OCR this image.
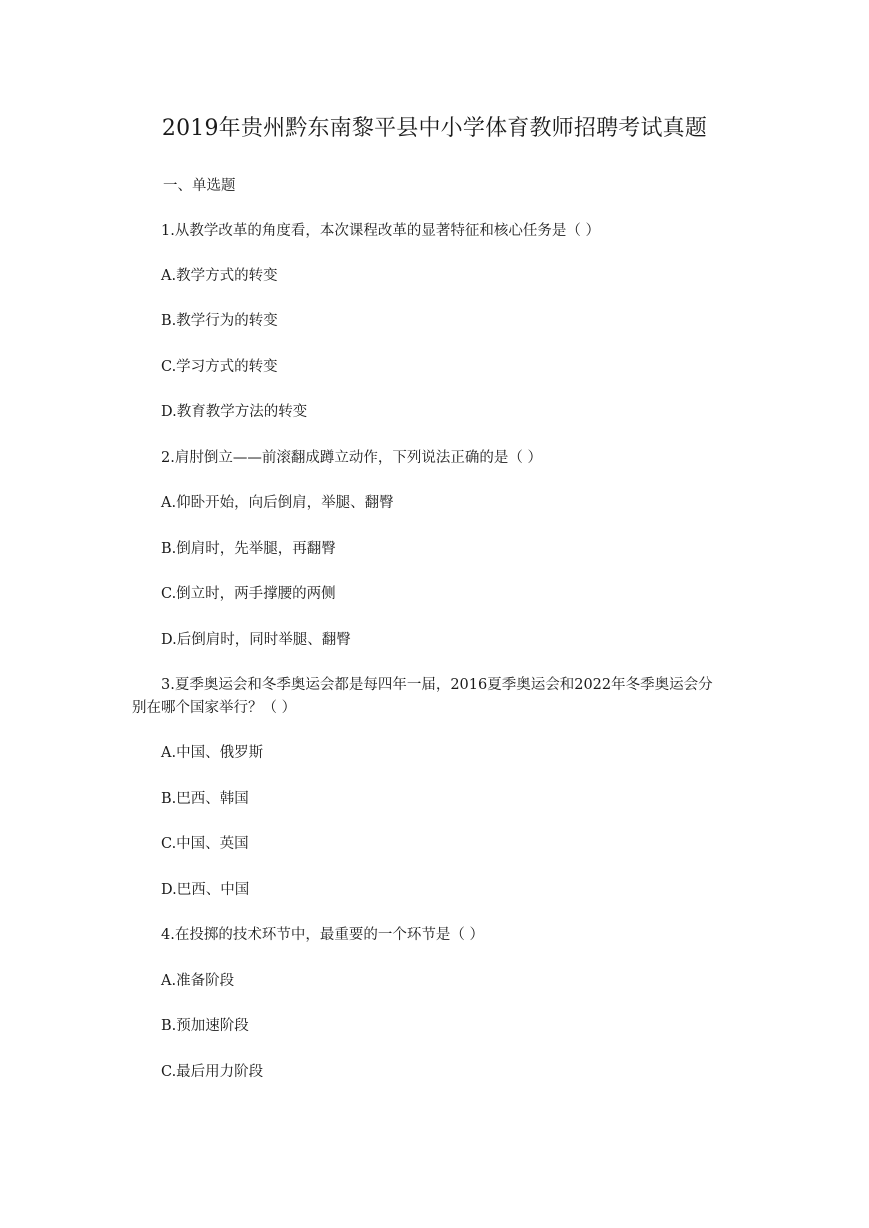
2019年贵州黔东南黎平县中小学体育教师招聘考试真题
一、单选题
1.从教学改革的角度看，本次课程改革的显著特征和核心任务是（ ）
A.教学方式的转变
B.教学行为的转变
C.学习方式的转变
D.教育教学方法的转变
2.肩肘倒立——前滚翻成蹲立动作，下列说法正确的是（ ）
A.仰卧开始，向后倒肩，举腿、翻臀
B.倒肩时，先举腿，再翻臀
C.倒立时，两手撑腰的两侧
D.后倒肩时，同时举腿、翻臀
3.夏季奥运会和冬季奥运会都是每四年一届，2016夏季奥运会和2022年冬季奥运会分
别在哪个国家举行？（ ）
A.中国、俄罗斯
B.巴西、韩国
C.中国、英国
D.巴西、中国
4.在投掷的技术环节中，最重要的一个环节是（ ）
A.准备阶段
B.预加速阶段
C.最后用力阶段
